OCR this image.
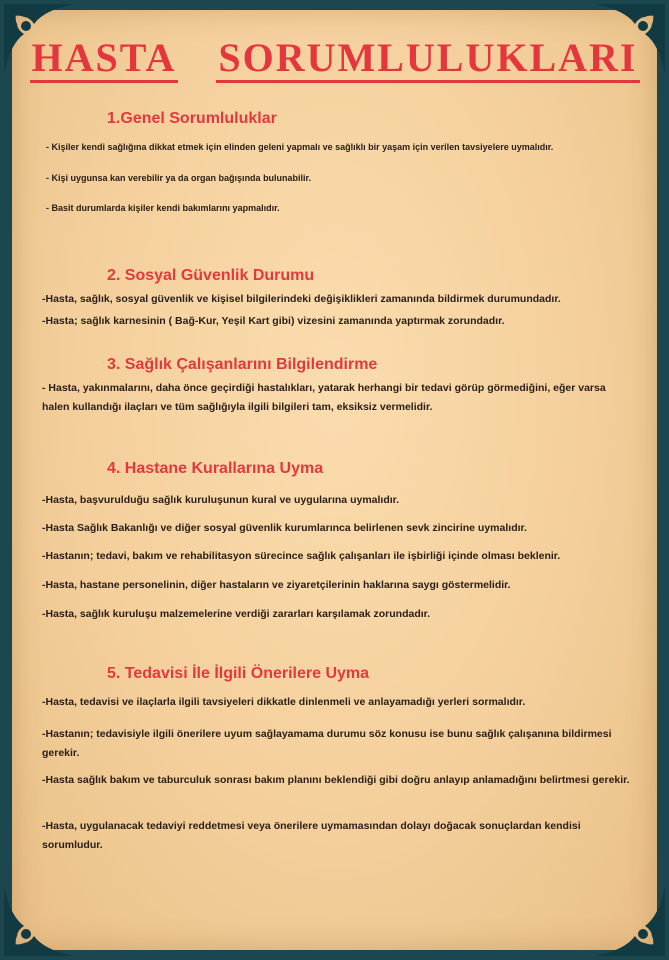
HASTA SORUMLULUKLARI
1.Genel Sorumluluklar
- Kişiler kendi sağlığına dikkat etmek için elinden geleni yapmalı ve sağlıklı bir yaşam için verilen tavsiyelere uymalıdır.
- Kişi uygunsa kan verebilir ya da organ bağışında bulunabilir.
- Basit durumlarda kişiler kendi bakımlarını yapmalıdır.
2. Sosyal Güvenlik Durumu
-Hasta, sağlık, sosyal güvenlik ve kişisel bilgilerindeki değişiklikleri zamanında bildirmek durumundadır.
-Hasta; sağlık karnesinin ( Bağ-Kur, Yeşil Kart gibi) vizesini zamanında yaptırmak zorundadır.
3. Sağlık Çalışanlarını Bilgilendirme
- Hasta, yakınmalarını, daha önce geçirdiği hastalıkları, yatarak herhangi bir tedavi görüp görmediğini, eğer varsa halen kullandığı ilaçları ve tüm sağlığıyla ilgili bilgileri tam, eksiksiz vermelidir.
4. Hastane Kurallarına Uyma
-Hasta, başvurulduğu sağlık kuruluşunun kural ve uygularına uymalıdır.
-Hasta Sağlık Bakanlığı ve diğer sosyal güvenlik kurumlarınca belirlenen sevk zincirine uymalıdır.
-Hastanın; tedavi, bakım ve rehabilitasyon sürecince sağlık çalışanları ile işbirliği içinde olması beklenir.
-Hasta, hastane personelinin, diğer hastaların ve ziyaretçilerinin haklarına saygı göstermelidir.
-Hasta, sağlık kuruluşu malzemelerine verdiği zararları karşılamak zorundadır.
5. Tedavisi İle İlgili Önerilere Uyma
-Hasta, tedavisi ve ilaçlarla ilgili tavsiyeleri dikkatle dinlenmeli ve anlayamadığı yerleri sormalıdır.
-Hastanın; tedavisiyle ilgili önerilere uyum sağlayamama durumu söz konusu ise bunu sağlık çalışanına bildirmesi gerekir.
-Hasta sağlık bakım ve taburculuk sonrası bakım planını beklendiği gibi doğru anlayıp anlamadığını belirtmesi gerekir.
-Hasta, uygulanacak tedaviyi reddetmesi veya önerilere uymamasından dolayı doğacak sonuçlardan kendisi sorumludur.
